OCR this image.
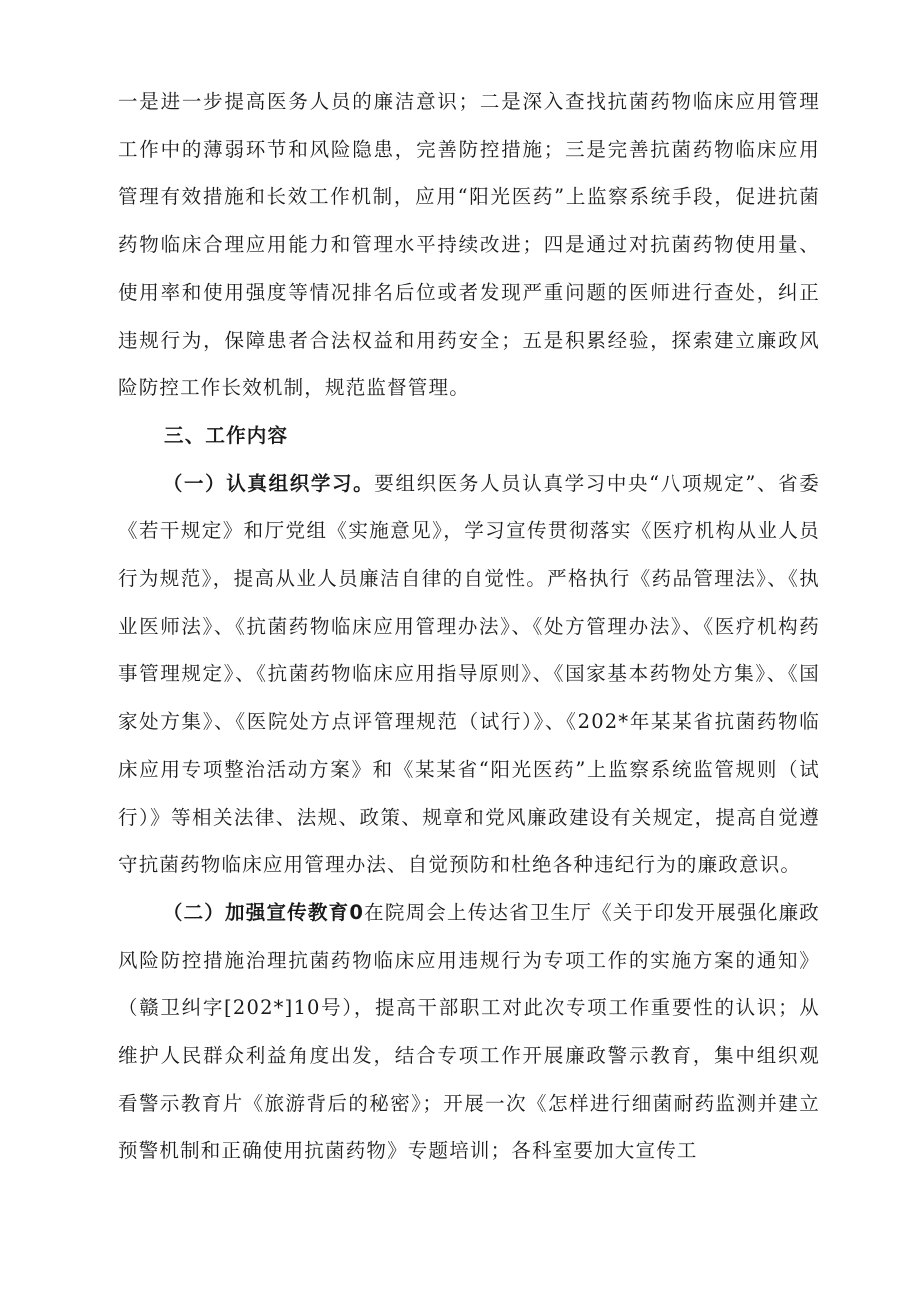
一是进一步提高医务人员的廉洁意识；二是深入查找抗菌药物临床应用管理工作中的薄弱环节和风险隐患，完善防控措施；三是完善抗菌药物临床应用管理有效措施和长效工作机制，应用“阳光医药”上监察系统手段，促进抗菌药物临床合理应用能力和管理水平持续改进；四是通过对抗菌药物使用量、使用率和使用强度等情况排名后位或者发现严重问题的医师进行查处，纠正违规行为，保障患者合法权益和用药安全；五是积累经验，探索建立廉政风险防控工作长效机制，规范监督管理。

三、工作内容

（一）认真组织学习。要组织医务人员认真学习中央“八项规定”、省委《若干规定》和厅党组《实施意见》，学习宣传贯彻落实《医疗机构从业人员行为规范》，提高从业人员廉洁自律的自觉性。严格执行《药品管理法》、《执业医师法》、《抗菌药物临床应用管理办法》、《处方管理办法》、《医疗机构药事管理规定》、《抗菌药物临床应用指导原则》、《国家基本药物处方集》、《国家处方集》、《医院处方点评管理规范（试行）》、《202*年某某省抗菌药物临床应用专项整治活动方案》和《某某省“阳光医药”上监察系统监管规则（试行）》等相关法律、法规、政策、规章和党风廉政建设有关规定，提高自觉遵守抗菌药物临床应用管理办法、自觉预防和杜绝各种违纪行为的廉政意识。

（二）加强宣传教育0在院周会上传达省卫生厅《关于印发开展强化廉政风险防控措施治理抗菌药物临床应用违规行为专项工作的实施方案的通知》（赣卫纠字[202*]10号），提高干部职工对此次专项工作重要性的认识；从维护人民群众利益角度出发，结合专项工作开展廉政警示教育，集中组织观看警示教育片《旅游背后的秘密》；开展一次《怎样进行细菌耐药监测并建立预警机制和正确使用抗菌药物》专题培训；各科室要加大宣传工
